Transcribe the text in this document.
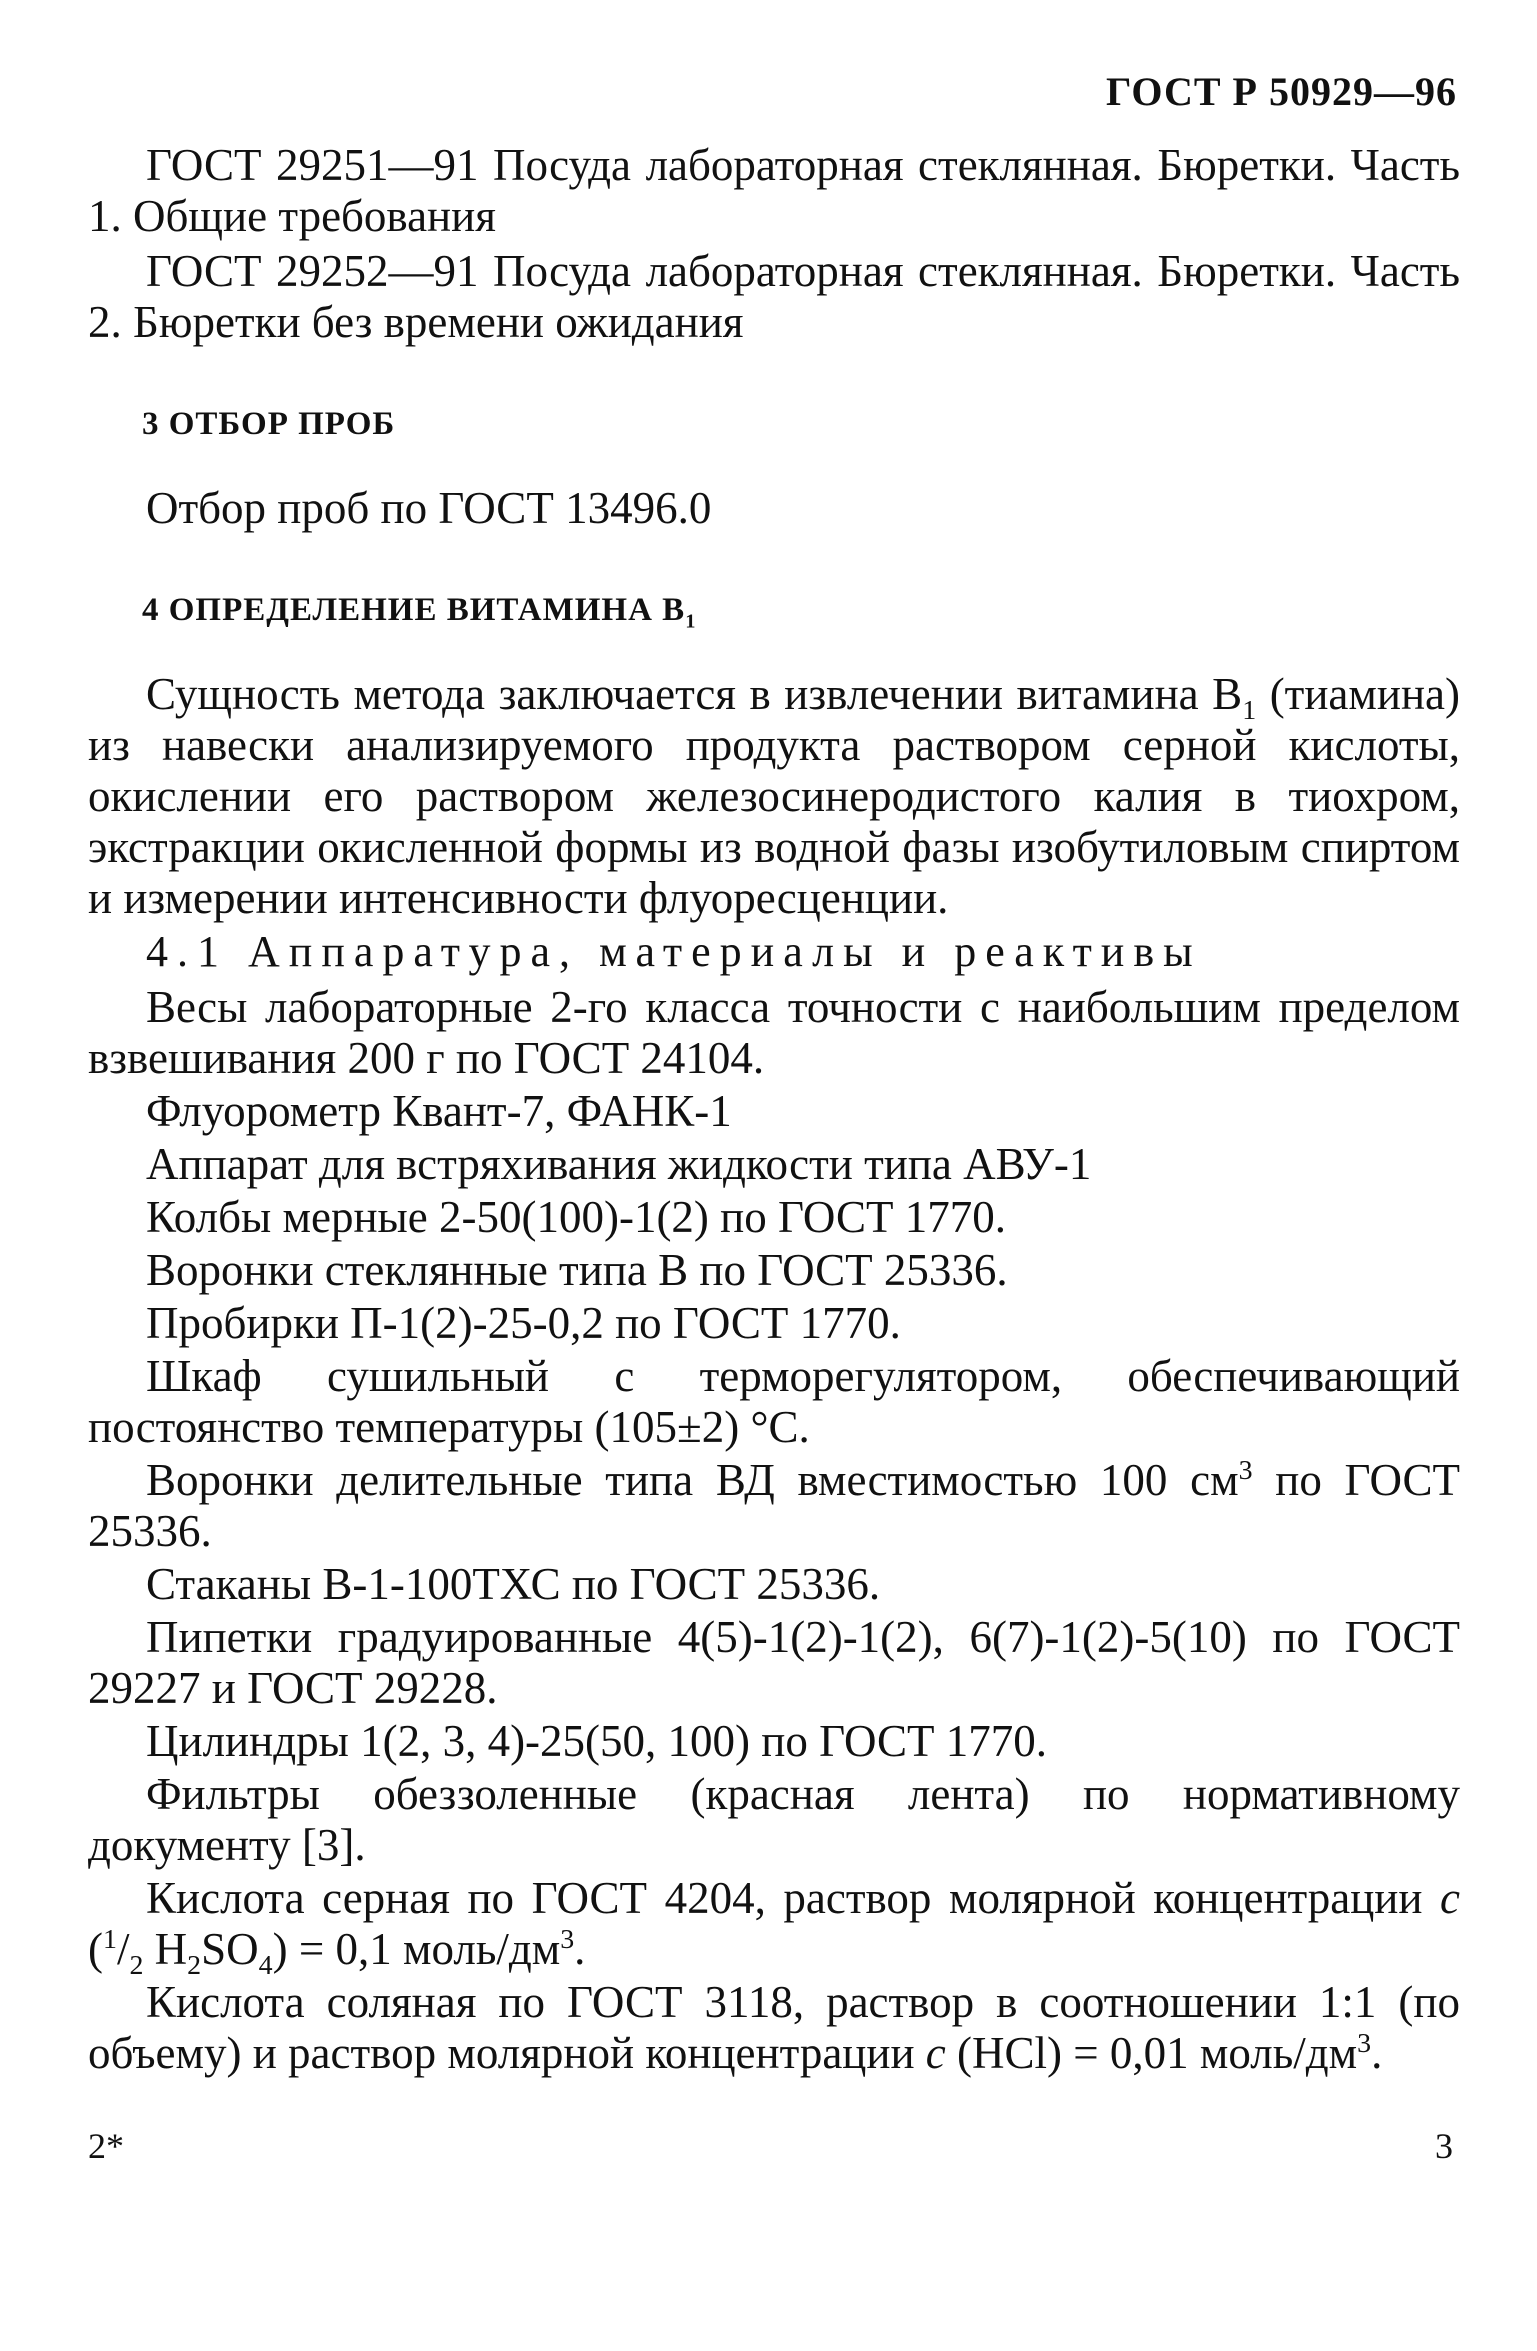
ГОСТ Р 50929—96

ГОСТ 29251—91 Посуда лабораторная стеклянная. Бюретки. Часть 1. Общие требования

ГОСТ 29252—91 Посуда лабораторная стеклянная. Бюретки. Часть 2. Бюретки без времени ожидания

3 ОТБОР ПРОБ

Отбор проб по ГОСТ 13496.0

4 ОПРЕДЕЛЕНИЕ ВИТАМИНА $В_1$

Сущность метода заключается в извлечении витамина $В_1$ (тиамина) из навески анализируемого продукта раствором серной кислоты, окислении его раствором железосинеродистого калия в тиохром, экстракции окисленной формы из водной фазы изобутиловым спиртом и измерении интенсивности флуоресценции.

4.1 Аппаратура, материалы и реактивы

Весы лабораторные 2-го класса точности с наибольшим пределом взвешивания 200 г по ГОСТ 24104.

Флуорометр Квант-7, ФАНК-1

Аппарат для встряхивания жидкости типа АВУ-1

Колбы мерные 2-50(100)-1(2) по ГОСТ 1770.

Воронки стеклянные типа В по ГОСТ 25336.

Пробирки П-1(2)-25-0,2 по ГОСТ 1770.

Шкаф сушильный с терморегулятором, обеспечивающий постоянство температуры (105±2) °С.

Воронки делительные типа ВД вместимостью 100 $см^3$ по ГОСТ 25336.

Стаканы В-1-100ТХС по ГОСТ 25336.

Пипетки градуированные 4(5)-1(2)-1(2), 6(7)-1(2)-5(10) по ГОСТ 29227 и ГОСТ 29228.

Цилиндры 1(2, 3, 4)-25(50, 100) по ГОСТ 1770.

Фильтры обеззоленные (красная лента) по нормативному документу [3].

Кислота серная по ГОСТ 4204, раствор молярной концентрации с ($^1/_2$ $H_2SO_4) = 0,1$ моль/$дм^3$.

Кислота соляная по ГОСТ 3118, раствор в соотношении 1:1 (по объему) и раствор молярной концентрации с (HCl) = 0,01 моль/$дм^3$.

2*	3
